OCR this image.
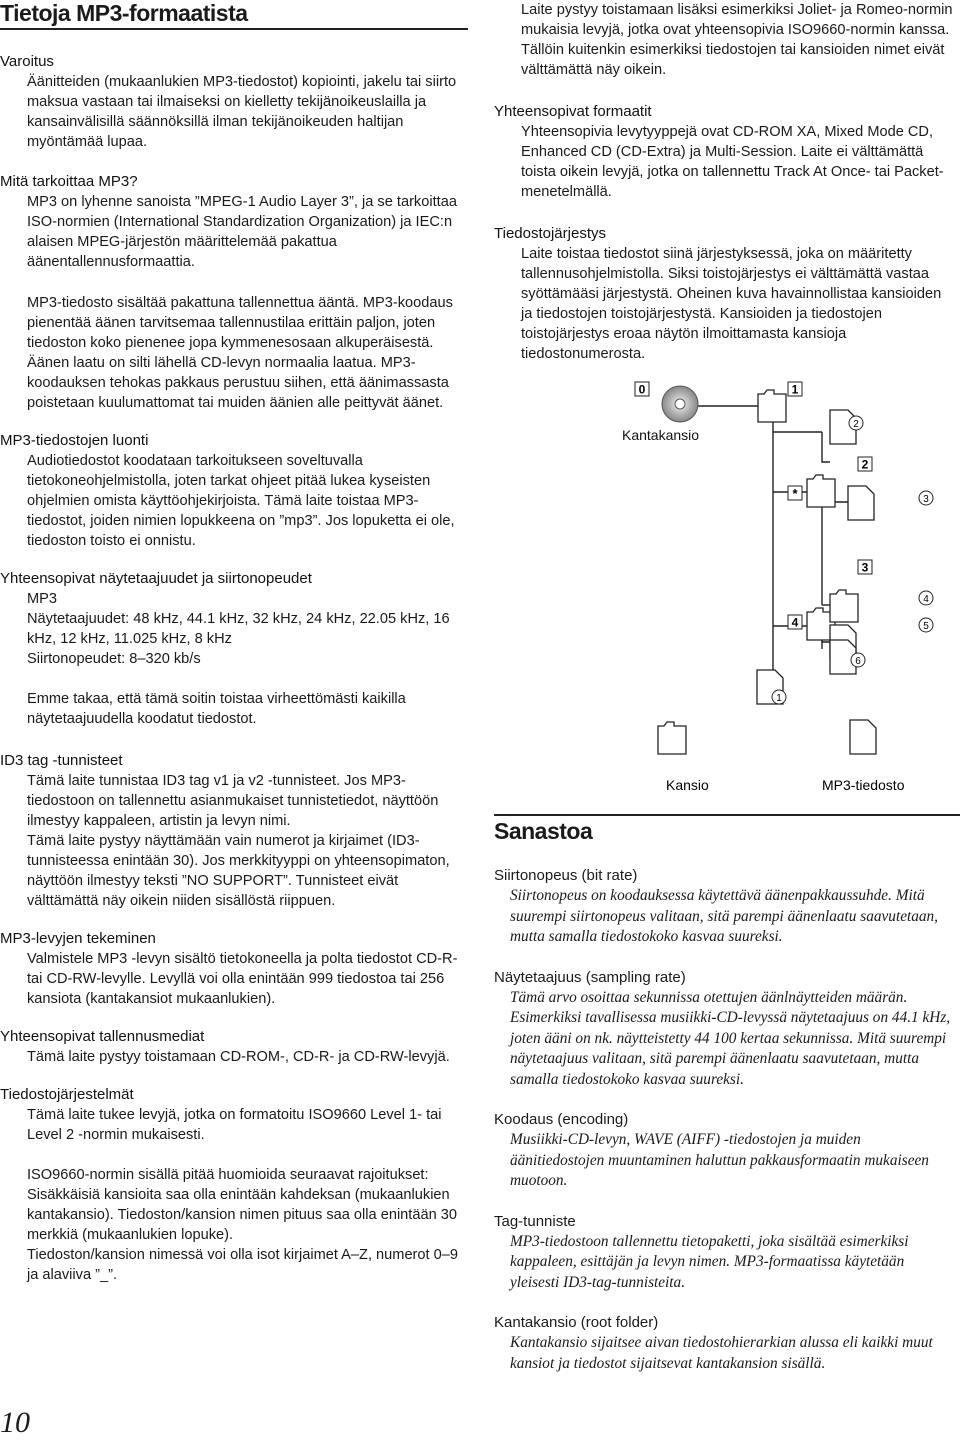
Tietoja MP3-formaatista

Varoitus

Äänitteiden (mukaanlukien MP3-tiedostot) kopiointi, jakelu tai siirto maksua vastaan tai ilmaiseksi on kielletty tekijänoikeuslailla ja kansainvälisillä säännöksillä ilman tekijänoikeuden haltijan myöntämää lupaa.

Mitä tarkoittaa MP3?

MP3 on lyhenne sanoista ”MPEG-1 Audio Layer 3”, ja se tarkoittaa ISO-normien (International Standardization Organization) ja IEC:n alaisen MPEG-järjestön määrittelemää pakattua äänentallennusformaattia.

MP3-tiedosto sisältää pakattuna tallennettua ääntä. MP3-koodaus pienentää äänen tarvitsemaa tallennustilaa erittäin paljon, joten tiedoston koko pienenee jopa kymmenesosaan alkuperäisestä. Äänen laatu on silti lähellä CD-levyn normaalia laatua. MP3-koodauksen tehokas pakkaus perustuu siihen, että äänimassasta poistetaan kuulumattomat tai muiden äänien alle peittyvät äänet.

MP3-tiedostojen luonti

Audiotiedostot koodataan tarkoitukseen soveltuvalla tietokoneohjelmistolla, joten tarkat ohjeet pitää lukea kyseisten ohjelmien omista käyttöohjekirjoista. Tämä laite toistaa MP3-tiedostot, joiden nimien lopukkeena on ”mp3”. Jos lopuketta ei ole, tiedoston toisto ei onnistu.

Yhteensopivat näytetaajuudet ja siirtonopeudet

MP3

Näytetaajuudet: 48 kHz, 44.1 kHz, 32 kHz, 24 kHz, 22.05 kHz, 16 kHz, 12 kHz, 11.025 kHz, 8 kHz

Siirtonopeudet: 8–320 kb/s

Emme takaa, että tämä soitin toistaa virheettömästi kaikilla näytetaajuudella koodatut tiedostot.

ID3 tag -tunnisteet

Tämä laite tunnistaa ID3 tag v1 ja v2 -tunnisteet. Jos MP3-tiedostoon on tallennettu asianmukaiset tunnistetiedot, näyttöön ilmestyy kappaleen, artistin ja levyn nimi.

Tämä laite pystyy näyttämään vain numerot ja kirjaimet (ID3-tunnisteessa enintään 30). Jos merkkityyppi on yhteensopimaton, näyttöön ilmestyy teksti ”NO SUPPORT”. Tunnisteet eivät välttämättä näy oikein niiden sisällöstä riippuen.

MP3-levyjen tekeminen

Valmistele MP3 -levyn sisältö tietokoneella ja polta tiedostot CD-R- tai CD-RW-levylle. Levyllä voi olla enintään 999 tiedostoa tai 256 kansiota (kantakansiot mukaanlukien).

Yhteensopivat tallennusmediat

Tämä laite pystyy toistamaan CD-ROM-, CD-R- ja CD-RW-levyjä.

Tiedostojärjestelmät

Tämä laite tukee levyjä, jotka on formatoitu ISO9660 Level 1- tai Level 2 -normin mukaisesti.

ISO9660-normin sisällä pitää huomioida seuraavat rajoitukset:

Sisäkkäisiä kansioita saa olla enintään kahdeksan (mukaanlukien kantakansio). Tiedoston/kansion nimen pituus saa olla enintään 30 merkkiä (mukaanlukien lopuke).

Tiedoston/kansion nimessä voi olla isot kirjaimet A–Z, numerot 0–9 ja alaviiva ”_”.

Laite pystyy toistamaan lisäksi esimerkiksi Joliet- ja Romeo-normin mukaisia levyjä, jotka ovat yhteensopivia ISO9660-normin kanssa. Tällöin kuitenkin esimerkiksi tiedostojen tai kansioiden nimet eivät välttämättä näy oikein.

Yhteensopivat formaatit

Yhteensopivia levytyyppejä ovat CD-ROM XA, Mixed Mode CD, Enhanced CD (CD-Extra) ja Multi-Session. Laite ei välttämättä toista oikein levyjä, jotka on tallennettu Track At Once- tai Packet-menetelmällä.

Tiedostojärjestys

Laite toistaa tiedostot siinä järjestyksessä, joka on määritetty tallennusohjelmistolla. Siksi toistojärjestys ei välttämättä vastaa syöttämääsi järjestystä. Oheinen kuva havainnollistaa kansioiden ja tiedostojen toistojärjestystä. Kansioiden ja tiedostojen toistojärjestys eroaa näytön ilmoittamasta kansioja tiedostonumerosta.

Kantakansio
0	1
2
*
3
4
2
3
4
5
6
1
Kansio	MP3-tiedosto
Sanastoa

Siirtonopeus (bit rate)

Siirtonopeus on koodauksessa käytettävä äänenpakkaussuhde. Mitä suurempi siirtonopeus valitaan, sitä parempi äänenlaatu saavutetaan, mutta samalla tiedostokoko kasvaa suureksi.

Näytetaajuus (sampling rate)

Tämä arvo osoittaa sekunnissa otettujen äänlnäytteiden määrän. Esimerkiksi tavallisessa musiikki-CD-levyssä näytetaajuus on 44.1 kHz, joten ääni on nk. näytteistetty 44 100 kertaa sekunnissa. Mitä suurempi näytetaajuus valitaan, sitä parempi äänenlaatu saavutetaan, mutta samalla tiedostokoko kasvaa suureksi.

Koodaus (encoding)

Musiikki-CD-levyn, WAVE (AIFF) -tiedostojen ja muiden äänitiedostojen muuntaminen haluttun pakkausformaatin mukaiseen muotoon.

Tag-tunniste

MP3-tiedostoon tallennettu tietopaketti, joka sisältää esimerkiksi kappaleen, esittäjän ja levyn nimen. MP3-formaatissa käytetään yleisesti ID3-tag-tunnisteita.

Kantakansio (root folder)

Kantakansio sijaitsee aivan tiedostohierarkian alussa eli kaikki muut kansiot ja tiedostot sijaitsevat kantakansion sisällä.

10
